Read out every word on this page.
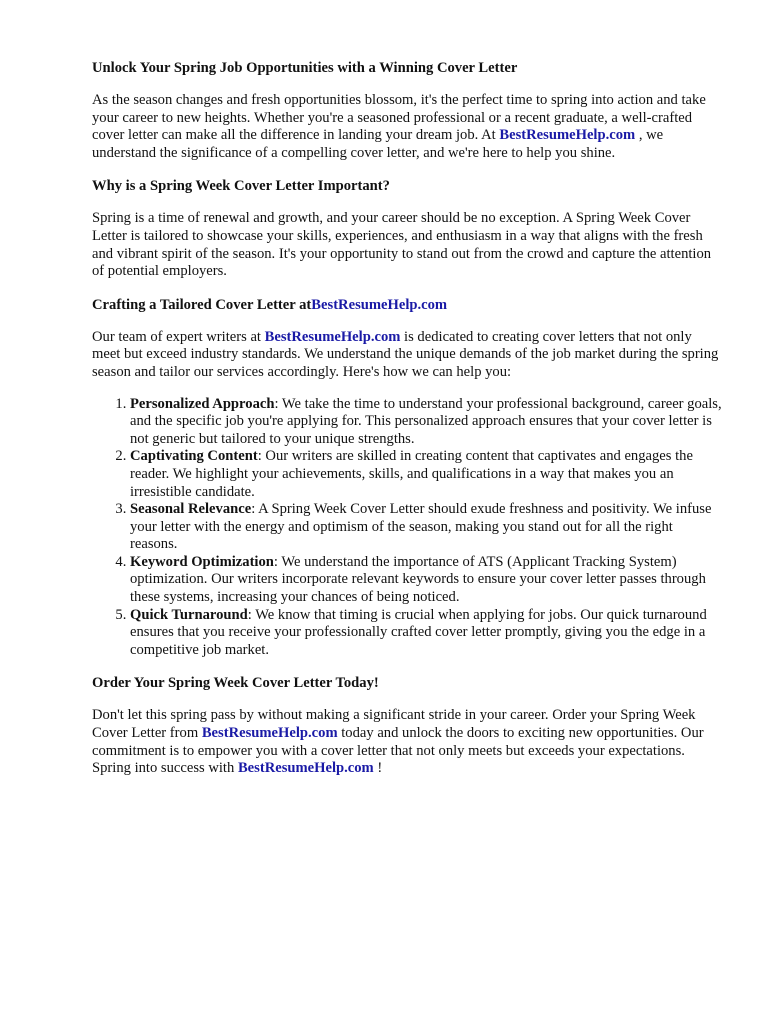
Unlock Your Spring Job Opportunities with a Winning Cover Letter

As the season changes and fresh opportunities blossom, it's the perfect time to spring into action and take your career to new heights. Whether you're a seasoned professional or a recent graduate, a well-crafted cover letter can make all the difference in landing your dream job. At BestResumeHelp.com , we understand the significance of a compelling cover letter, and we're here to help you shine.

Why is a Spring Week Cover Letter Important?

Spring is a time of renewal and growth, and your career should be no exception. A Spring Week Cover Letter is tailored to showcase your skills, experiences, and enthusiasm in a way that aligns with the fresh and vibrant spirit of the season. It's your opportunity to stand out from the crowd and capture the attention of potential employers.

Crafting a Tailored Cover Letter atBestResumeHelp.com

Our team of expert writers at BestResumeHelp.com is dedicated to creating cover letters that not only meet but exceed industry standards. We understand the unique demands of the job market during the spring season and tailor our services accordingly. Here's how we can help you:

1. Personalized Approach: We take the time to understand your professional background, career goals, and the specific job you're applying for. This personalized approach ensures that your cover letter is not generic but tailored to your unique strengths.
2. Captivating Content: Our writers are skilled in creating content that captivates and engages the reader. We highlight your achievements, skills, and qualifications in a way that makes you an irresistible candidate.
3. Seasonal Relevance: A Spring Week Cover Letter should exude freshness and positivity. We infuse your letter with the energy and optimism of the season, making you stand out for all the right reasons.
4. Keyword Optimization: We understand the importance of ATS (Applicant Tracking System) optimization. Our writers incorporate relevant keywords to ensure your cover letter passes through these systems, increasing your chances of being noticed.
5. Quick Turnaround: We know that timing is crucial when applying for jobs. Our quick turnaround ensures that you receive your professionally crafted cover letter promptly, giving you the edge in a competitive job market.
Order Your Spring Week Cover Letter Today!

Don't let this spring pass by without making a significant stride in your career. Order your Spring Week Cover Letter from BestResumeHelp.com today and unlock the doors to exciting new opportunities. Our commitment is to empower you with a cover letter that not only meets but exceeds your expectations. Spring into success with BestResumeHelp.com !
